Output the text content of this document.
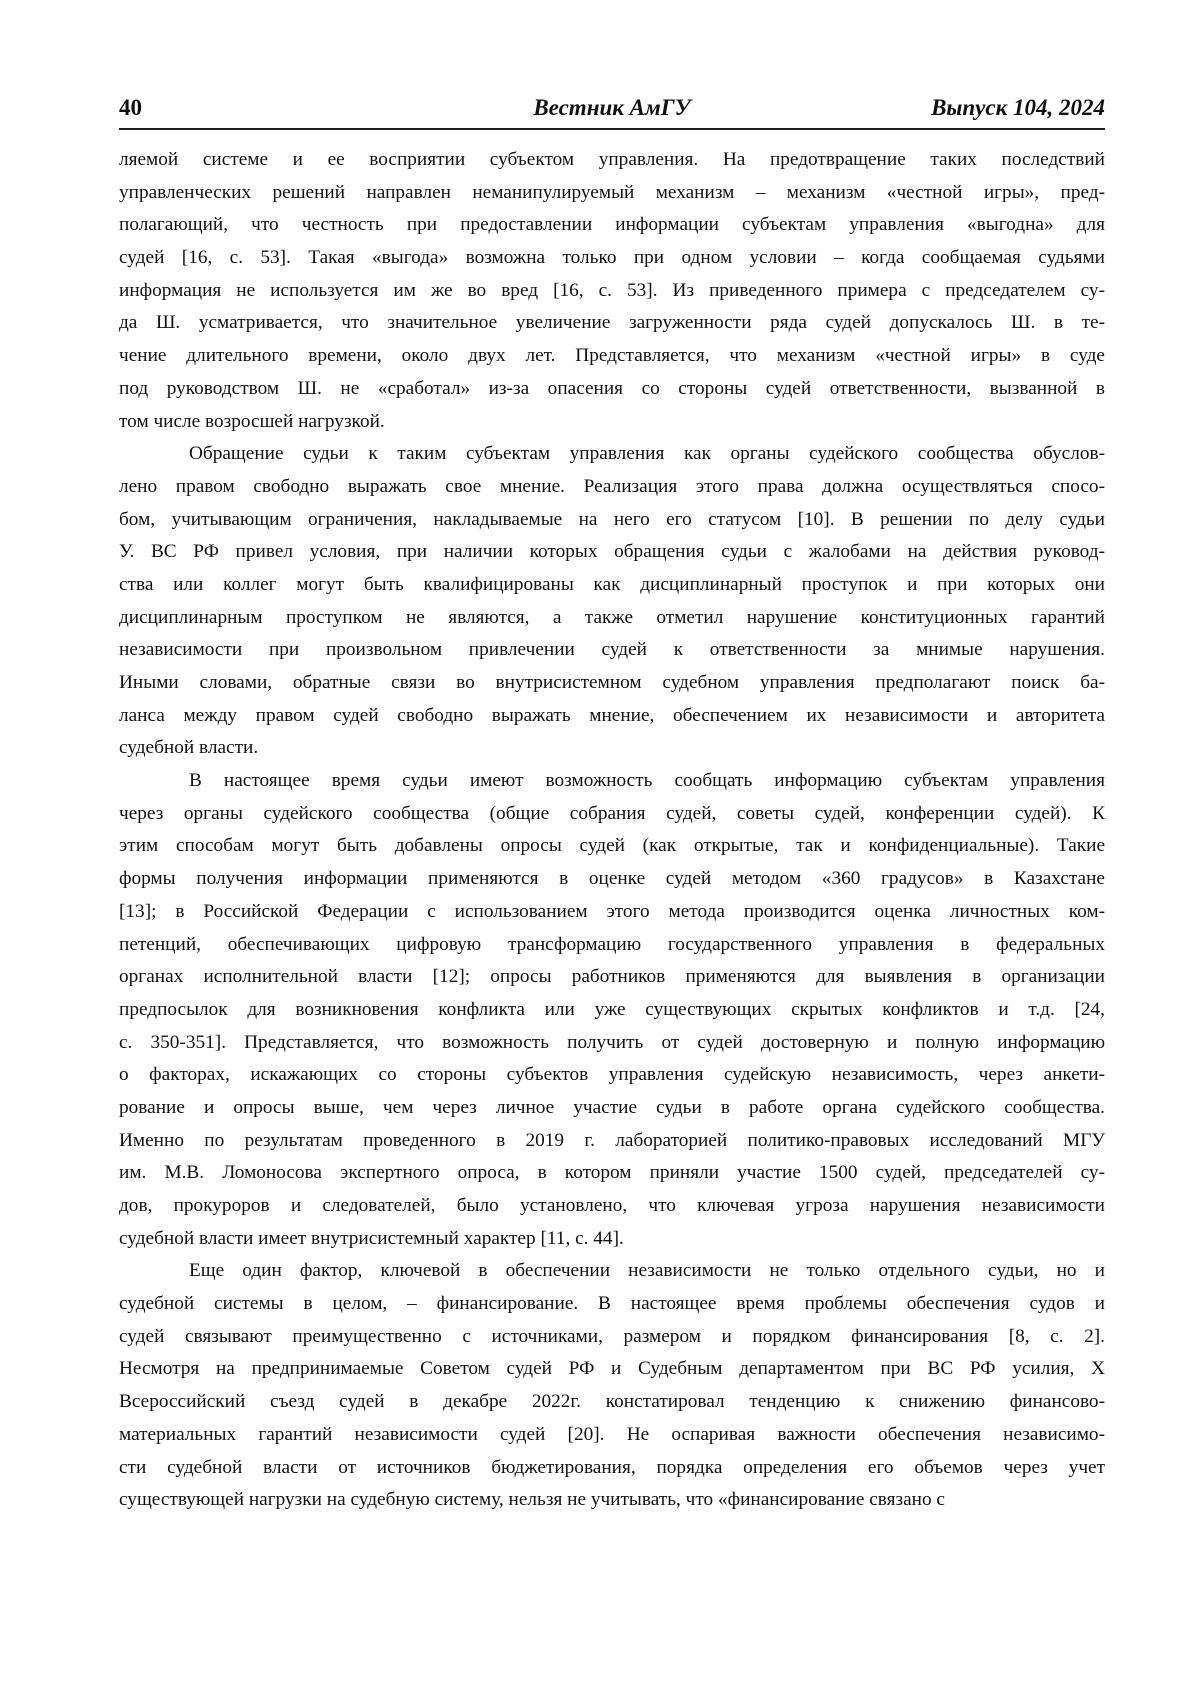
40	Вестник АмГУ	Выпуск 104, 2024
ляемой системе и ее восприятии субъектом управления. На предотвращение таких последствий
управленческих решений направлен неманипулируемый механизм – механизм «честной игры», пред-
полагающий, что честность при предоставлении информации субъектам управления «выгодна» для
судей [16, с. 53]. Такая «выгода» возможна только при одном условии – когда сообщаемая судьями
информация не используется им же во вред [16, с. 53]. Из приведенного примера с председателем су-
да Ш. усматривается, что значительное увеличение загруженности ряда судей допускалось Ш. в те-
чение длительного времени, около двух лет. Представляется, что механизм «честной игры» в суде
под руководством Ш. не «сработал» из-за опасения со стороны судей ответственности, вызванной в
том числе возросшей нагрузкой.
Обращение судьи к таким субъектам управления как органы судейского сообщества обуслов-
лено правом свободно выражать свое мнение. Реализация этого права должна осуществляться спосо-
бом, учитывающим ограничения, накладываемые на него его статусом [10]. В решении по делу судьи
У. ВС РФ привел условия, при наличии которых обращения судьи с жалобами на действия руковод-
ства или коллег могут быть квалифицированы как дисциплинарный проступок и при которых они
дисциплинарным проступком не являются, а также отметил нарушение конституционных гарантий
независимости при произвольном привлечении судей к ответственности за мнимые нарушения.
Иными словами, обратные связи во внутрисистемном судебном управления предполагают поиск ба-
ланса между правом судей свободно выражать мнение, обеспечением их независимости и авторитета
судебной власти.
В настоящее время судьи имеют возможность сообщать информацию субъектам управления
через органы судейского сообщества (общие собрания судей, советы судей, конференции судей). К
этим способам могут быть добавлены опросы судей (как открытые, так и конфиденциальные). Такие
формы получения информации применяются в оценке судей методом «360 градусов» в Казахстане
[13]; в Российской Федерации с использованием этого метода производится оценка личностных ком-
петенций, обеспечивающих цифровую трансформацию государственного управления в федеральных
органах исполнительной власти [12]; опросы работников применяются для выявления в организации
предпосылок для возникновения конфликта или уже существующих скрытых конфликтов и т.д. [24,
с. 350-351]. Представляется, что возможность получить от судей достоверную и полную информацию
о факторах, искажающих со стороны субъектов управления судейскую независимость, через анкети-
рование и опросы выше, чем через личное участие судьи в работе органа судейского сообщества.
Именно по результатам проведенного в 2019 г. лабораторией политико-правовых исследований МГУ
им. М.В. Ломоносова экспертного опроса, в котором приняли участие 1500 судей, председателей су-
дов, прокуроров и следователей, было установлено, что ключевая угроза нарушения независимости
судебной власти имеет внутрисистемный характер [11, с. 44].
Еще один фактор, ключевой в обеспечении независимости не только отдельного судьи, но и
судебной системы в целом, – финансирование. В настоящее время проблемы обеспечения судов и
судей связывают преимущественно с источниками, размером и порядком финансирования [8, с. 2].
Несмотря на предпринимаемые Советом судей РФ и Судебным департаментом при ВС РФ усилия, X
Всероссийский съезд судей в декабре 2022г. констатировал тенденцию к снижению финансово-
материальных гарантий независимости судей [20]. Не оспаривая важности обеспечения независимо-
сти судебной власти от источников бюджетирования, порядка определения его объемов через учет
существующей нагрузки на судебную систему, нельзя не учитывать, что «финансирование связано с
